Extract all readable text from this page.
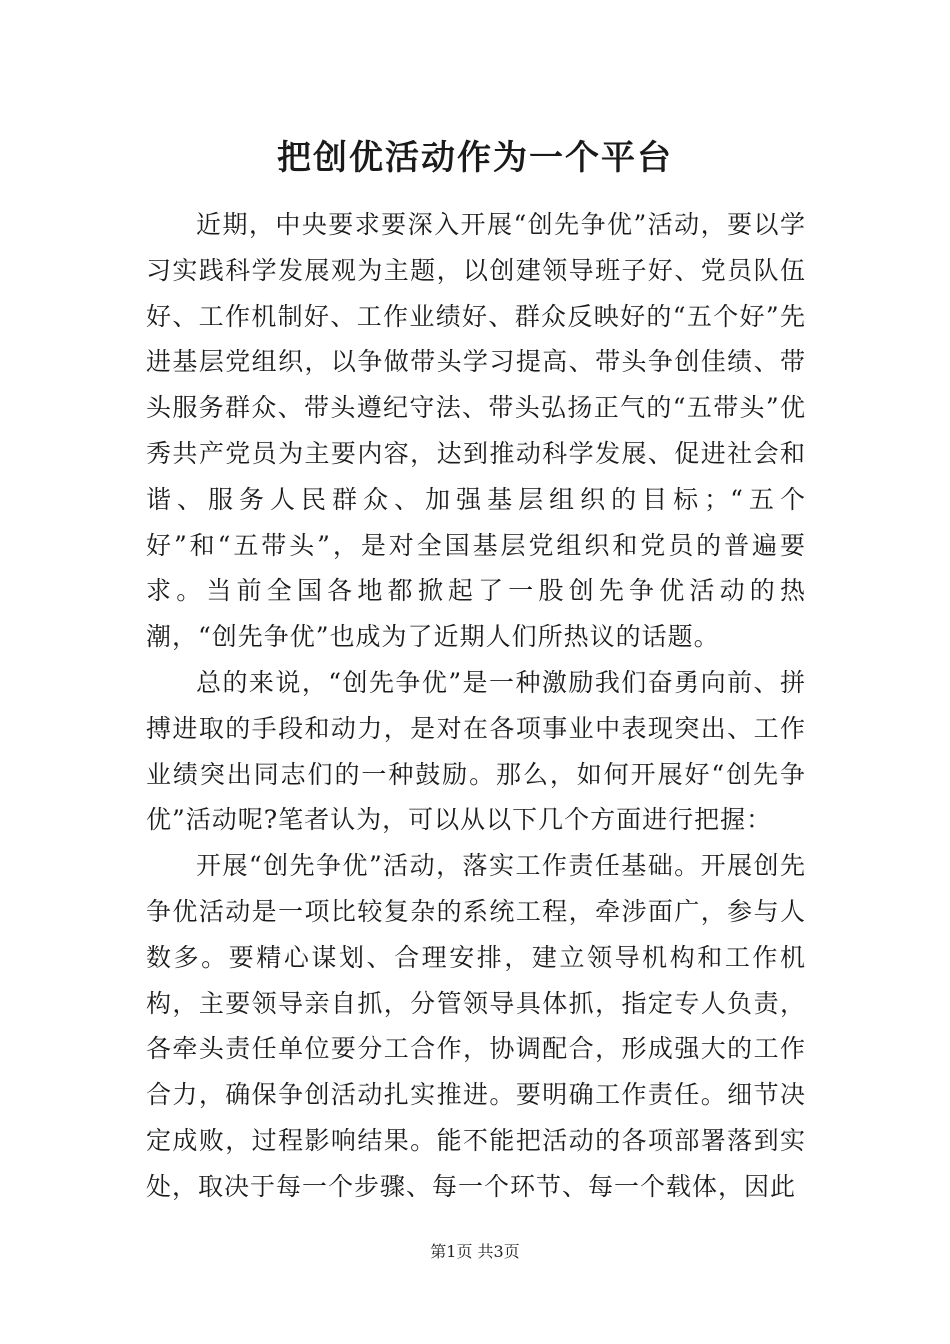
把创优活动作为一个平台

近期，中央要求要深入开展“创先争优”活动，要以学习实践科学发展观为主题，以创建领导班子好、党员队伍好、工作机制好、工作业绩好、群众反映好的“五个好”先进基层党组织，以争做带头学习提高、带头争创佳绩、带头服务群众、带头遵纪守法、带头弘扬正气的“五带头”优秀共产党员为主要内容，达到推动科学发展、促进社会和谐、服务人民群众、加强基层组织的目标；“五个好”和“五带头”，是对全国基层党组织和党员的普遍要求。当前全国各地都掀起了一股创先争优活动的热潮，“创先争优”也成为了近期人们所热议的话题。

总的来说，“创先争优”是一种激励我们奋勇向前、拼搏进取的手段和动力，是对在各项事业中表现突出、工作业绩突出同志们的一种鼓励。那么，如何开展好“创先争优”活动呢?笔者认为，可以从以下几个方面进行把握：

开展“创先争优”活动，落实工作责任基础。开展创先争优活动是一项比较复杂的系统工程，牵涉面广，参与人数多。要精心谋划、合理安排，建立领导机构和工作机构，主要领导亲自抓，分管领导具体抓，指定专人负责，各牵头责任单位要分工合作，协调配合，形成强大的工作合力，确保争创活动扎实推进。要明确工作责任。细节决定成败，过程影响结果。能不能把活动的各项部署落到实处，取决于每一个步骤、每一个环节、每一个载体，因此

第1页 共3页
